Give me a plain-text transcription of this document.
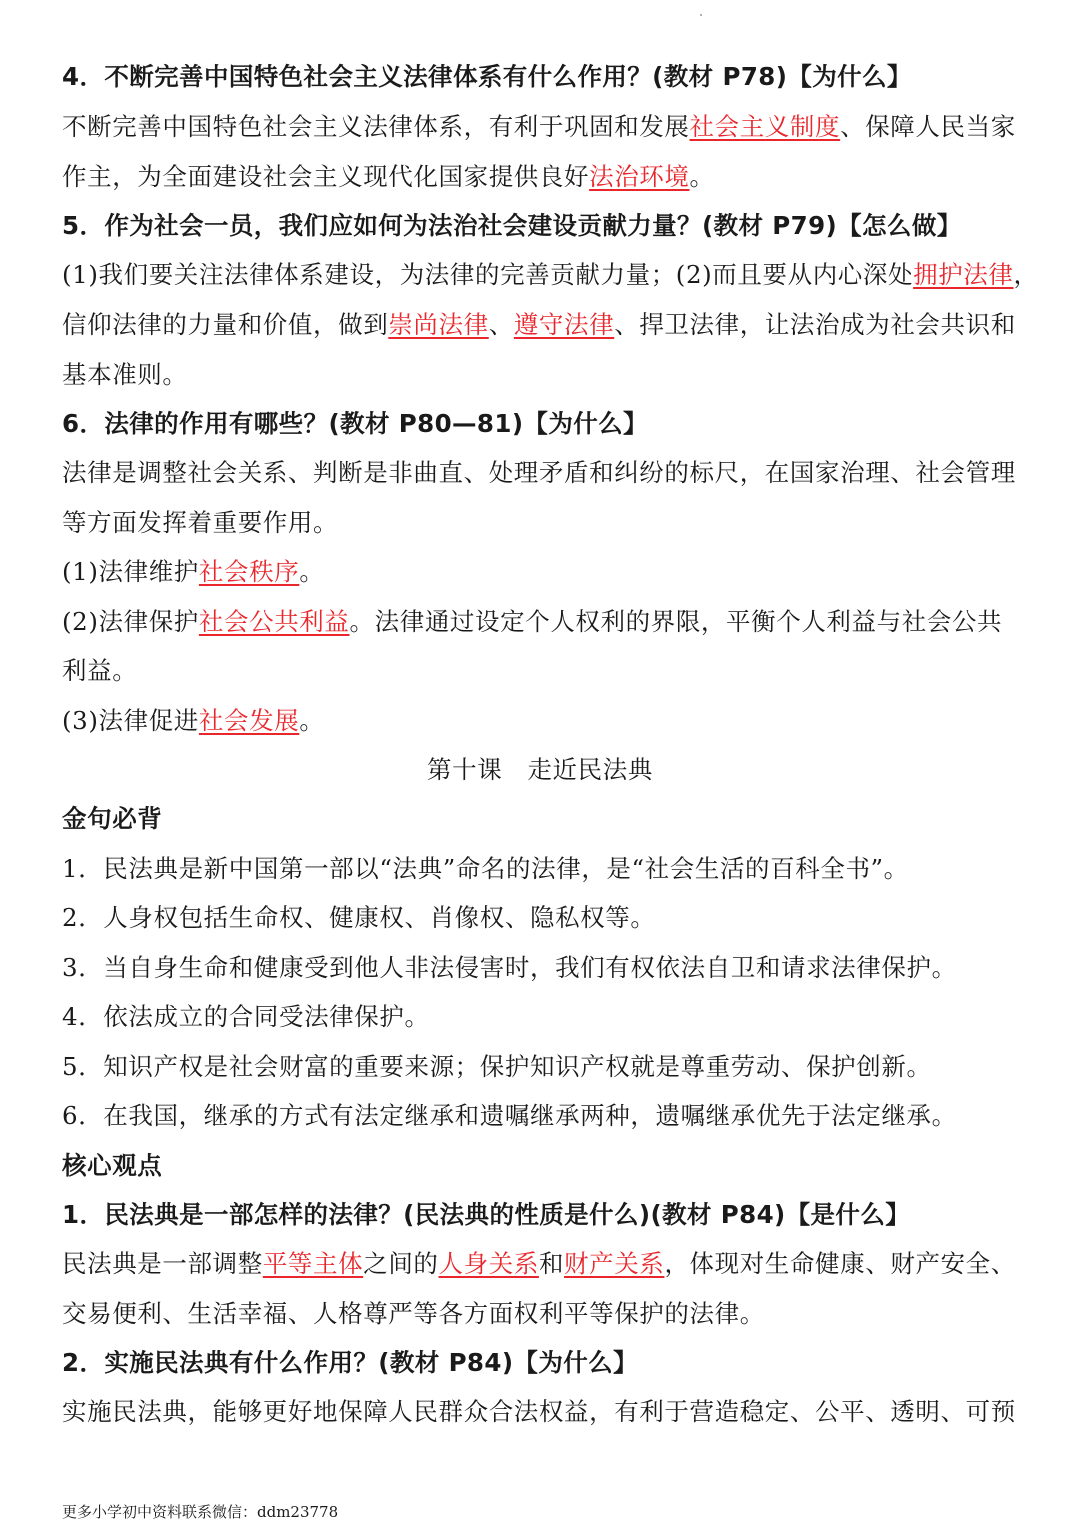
4．不断完善中国特色社会主义法律体系有什么作用？(教材 P78)【为什么】
不断完善中国特色社会主义法律体系，有利于巩固和发展社会主义制度、保障人民当家
作主，为全面建设社会主义现代化国家提供良好法治环境。
5．作为社会一员，我们应如何为法治社会建设贡献力量？(教材 P79)【怎么做】
(1)我们要关注法律体系建设，为法律的完善贡献力量；(2)而且要从内心深处拥护法律，
信仰法律的力量和价值，做到崇尚法律、遵守法律、捍卫法律，让法治成为社会共识和
基本准则。
6．法律的作用有哪些？(教材 P80—81)【为什么】
法律是调整社会关系、判断是非曲直、处理矛盾和纠纷的标尺，在国家治理、社会管理
等方面发挥着重要作用。
(1)法律维护社会秩序。
(2)法律保护社会公共利益。法律通过设定个人权利的界限，平衡个人利益与社会公共
利益。
(3)法律促进社会发展。
第十课　走近民法典
金句必背
1．民法典是新中国第一部以“法典”命名的法律，是“社会生活的百科全书”。
2．人身权包括生命权、健康权、肖像权、隐私权等。
3．当自身生命和健康受到他人非法侵害时，我们有权依法自卫和请求法律保护。
4．依法成立的合同受法律保护。
5．知识产权是社会财富的重要来源；保护知识产权就是尊重劳动、保护创新。
6．在我国，继承的方式有法定继承和遗嘱继承两种，遗嘱继承优先于法定继承。
核心观点
1．民法典是一部怎样的法律？(民法典的性质是什么)(教材 P84)【是什么】
民法典是一部调整平等主体之间的人身关系和财产关系，体现对生命健康、财产安全、
交易便利、生活幸福、人格尊严等各方面权利平等保护的法律。
2．实施民法典有什么作用？(教材 P84)【为什么】
实施民法典，能够更好地保障人民群众合法权益，有利于营造稳定、公平、透明、可预
更多小学初中资料联系微信：ddm23778
